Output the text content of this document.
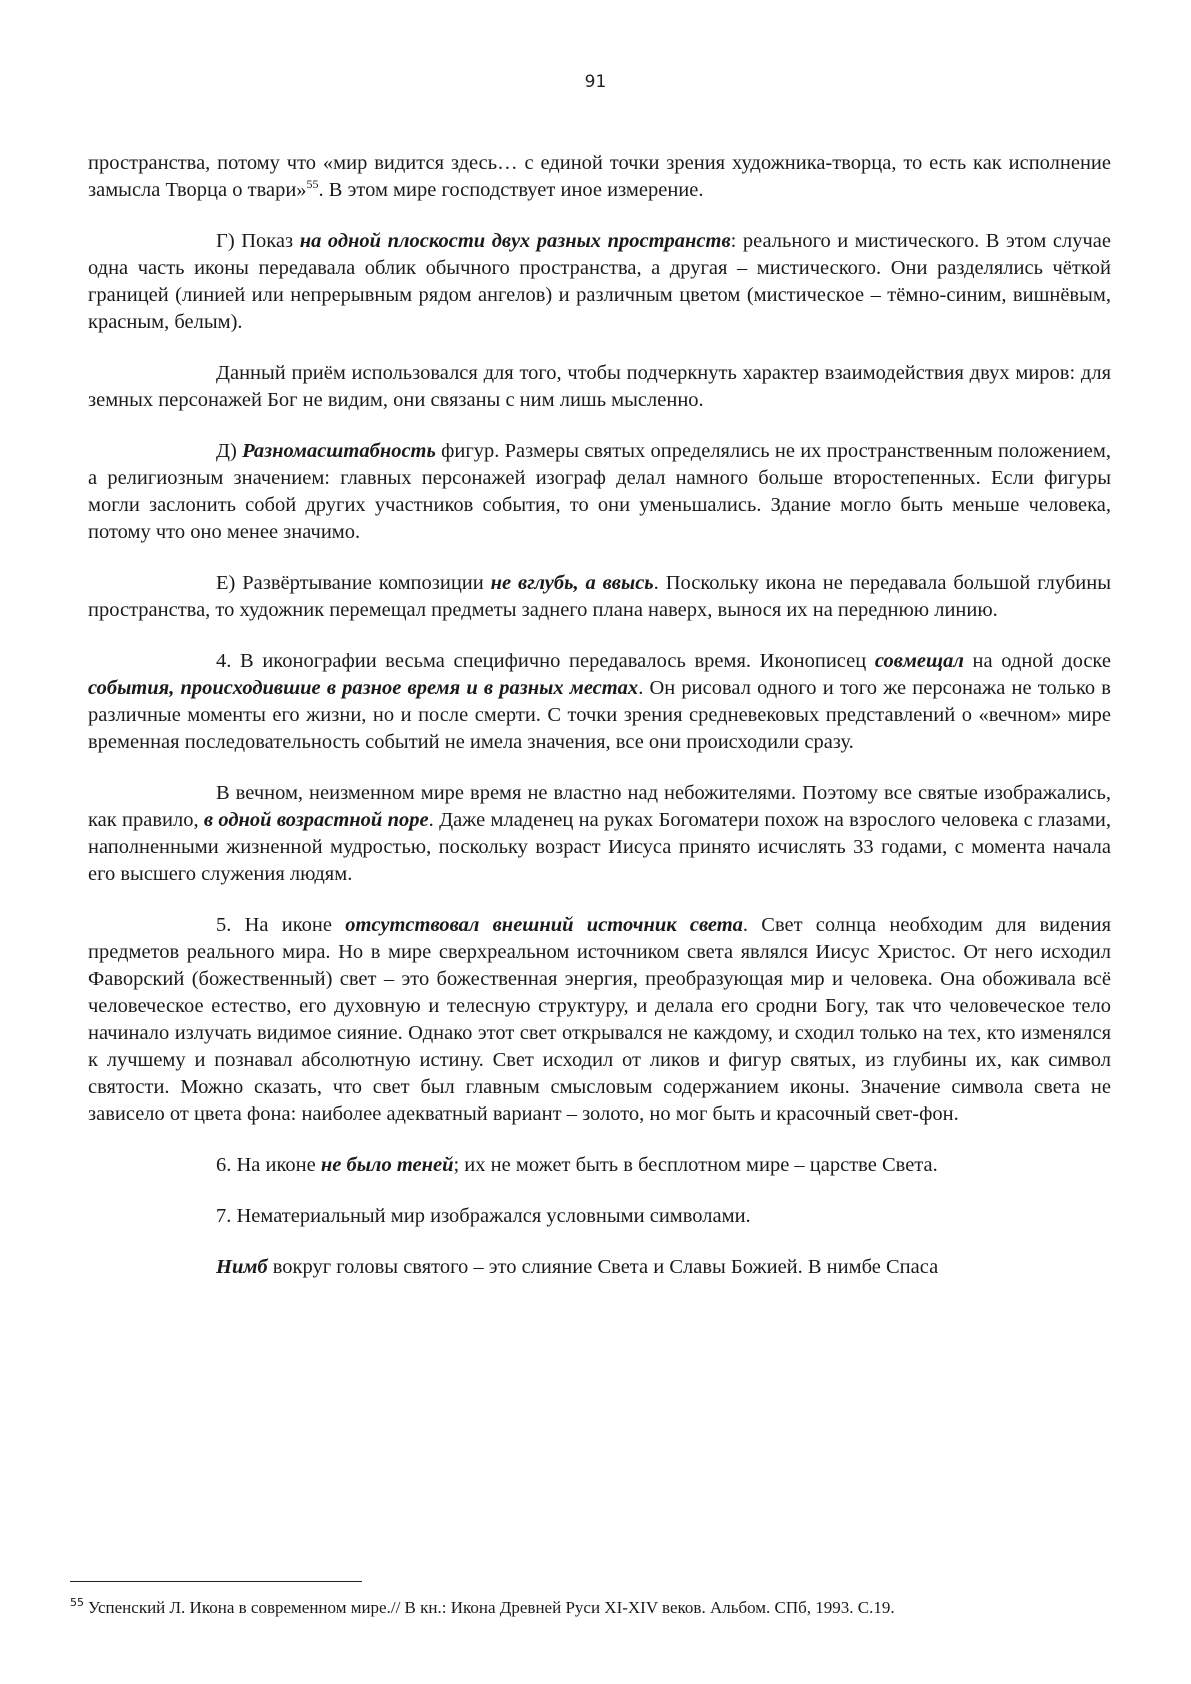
91

пространства, потому что «мир видится здесь… с единой точки зрения художника-творца, то есть как исполнение замысла Творца о твари»$^{55}$. В этом мире господствует иное измерение.

Г) Показ на одной плоскости двух разных пространств: реального и мистического. В этом случае одна часть иконы передавала облик обычного пространства, а другая – мистического. Они разделялись чёткой границей (линией или непрерывным рядом ангелов) и различным цветом (мистическое – тёмно-синим, вишнёвым, красным, белым).

Данный приём использовался для того, чтобы подчеркнуть характер взаимодействия двух миров: для земных персонажей Бог не видим, они связаны с ним лишь мысленно.

Д) Разномасштабность фигур. Размеры святых определялись не их пространственным положением, а религиозным значением: главных персонажей изограф делал намного больше второстепенных. Если фигуры могли заслонить собой других участников события, то они уменьшались. Здание могло быть меньше человека, потому что оно менее значимо.

Е) Развёртывание композиции не вглубь, а ввысь. Поскольку икона не передавала большой глубины пространства, то художник перемещал предметы заднего плана наверх, вынося их на переднюю линию.

4. В иконографии весьма специфично передавалось время. Иконописец совмещал на одной доске события, происходившие в разное время и в разных местах. Он рисовал одного и того же персонажа не только в различные моменты его жизни, но и после смерти. С точки зрения средневековых представлений о «вечном» мире временная последовательность событий не имела значения, все они происходили сразу.

В вечном, неизменном мире время не властно над небожителями. Поэтому все святые изображались, как правило, в одной возрастной поре. Даже младенец на руках Богоматери похож на взрослого человека с глазами, наполненными жизненной мудростью, поскольку возраст Иисуса принято исчислять 33 годами, с момента начала его высшего служения людям.

5. На иконе отсутствовал внешний источник света. Свет солнца необходим для видения предметов реального мира. Но в мире сверхреальном источником света являлся Иисус Христос. От него исходил Фаворский (божественный) свет – это божественная энергия, преобразующая мир и человека. Она обоживала всё человеческое естество, его духовную и телесную структуру, и делала его сродни Богу, так что человеческое тело начинало излучать видимое сияние. Однако этот свет открывался не каждому, и сходил только на тех, кто изменялся к лучшему и познавал абсолютную истину. Свет исходил от ликов и фигур святых, из глубины их, как символ святости. Можно сказать, что свет был главным смысловым содержанием иконы. Значение символа света не зависело от цвета фона: наиболее адекватный вариант – золото, но мог быть и красочный свет-фон.

6. На иконе не было теней; их не может быть в бесплотном мире – царстве Света.

7. Нематериальный мир изображался условными символами.

Нимб вокруг головы святого – это слияние Света и Славы Божией. В нимбе Спаса

$^{55}$ Успенский Л. Икона в современном мире.// В кн.: Икона Древней Руси XI-XIV веков. Альбом. СПб, 1993. С.19.
